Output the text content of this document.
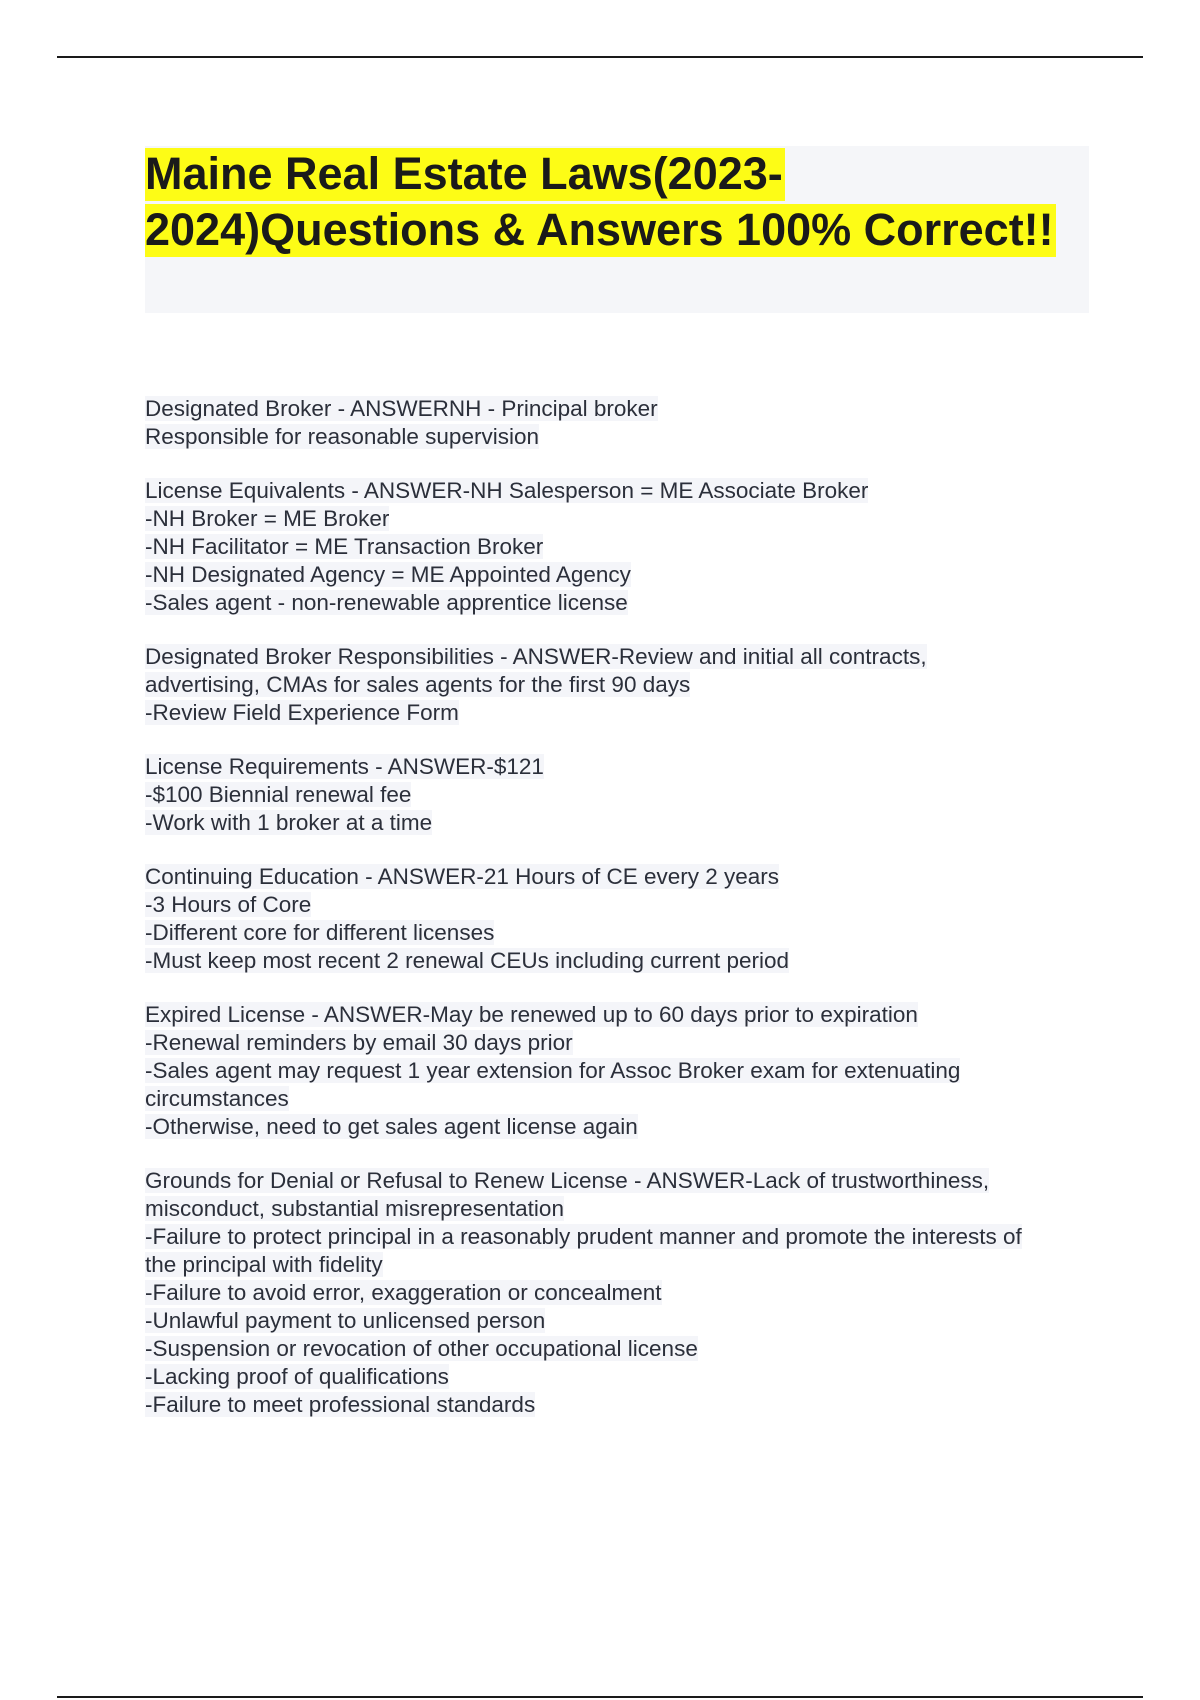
Maine Real Estate Laws(2023-2024)Questions & Answers 100% Correct!!
Designated Broker - ANSWERNH - Principal broker
Responsible for reasonable supervision
License Equivalents - ANSWER-NH Salesperson = ME Associate Broker
-NH Broker = ME Broker
-NH Facilitator = ME Transaction Broker
-NH Designated Agency = ME Appointed Agency
-Sales agent - non-renewable apprentice license
Designated Broker Responsibilities - ANSWER-Review and initial all contracts,
advertising, CMAs for sales agents for the first 90 days
-Review Field Experience Form
License Requirements - ANSWER-$121
-$100 Biennial renewal fee
-Work with 1 broker at a time
Continuing Education - ANSWER-21 Hours of CE every 2 years
-3 Hours of Core
-Different core for different licenses
-Must keep most recent 2 renewal CEUs including current period
Expired License - ANSWER-May be renewed up to 60 days prior to expiration
-Renewal reminders by email 30 days prior
-Sales agent may request 1 year extension for Assoc Broker exam for extenuating
circumstances
-Otherwise, need to get sales agent license again
Grounds for Denial or Refusal to Renew License - ANSWER-Lack of trustworthiness,
misconduct, substantial misrepresentation
-Failure to protect principal in a reasonably prudent manner and promote the interests of
the principal with fidelity
-Failure to avoid error, exaggeration or concealment
-Unlawful payment to unlicensed person
-Suspension or revocation of other occupational license
-Lacking proof of qualifications
-Failure to meet professional standards
